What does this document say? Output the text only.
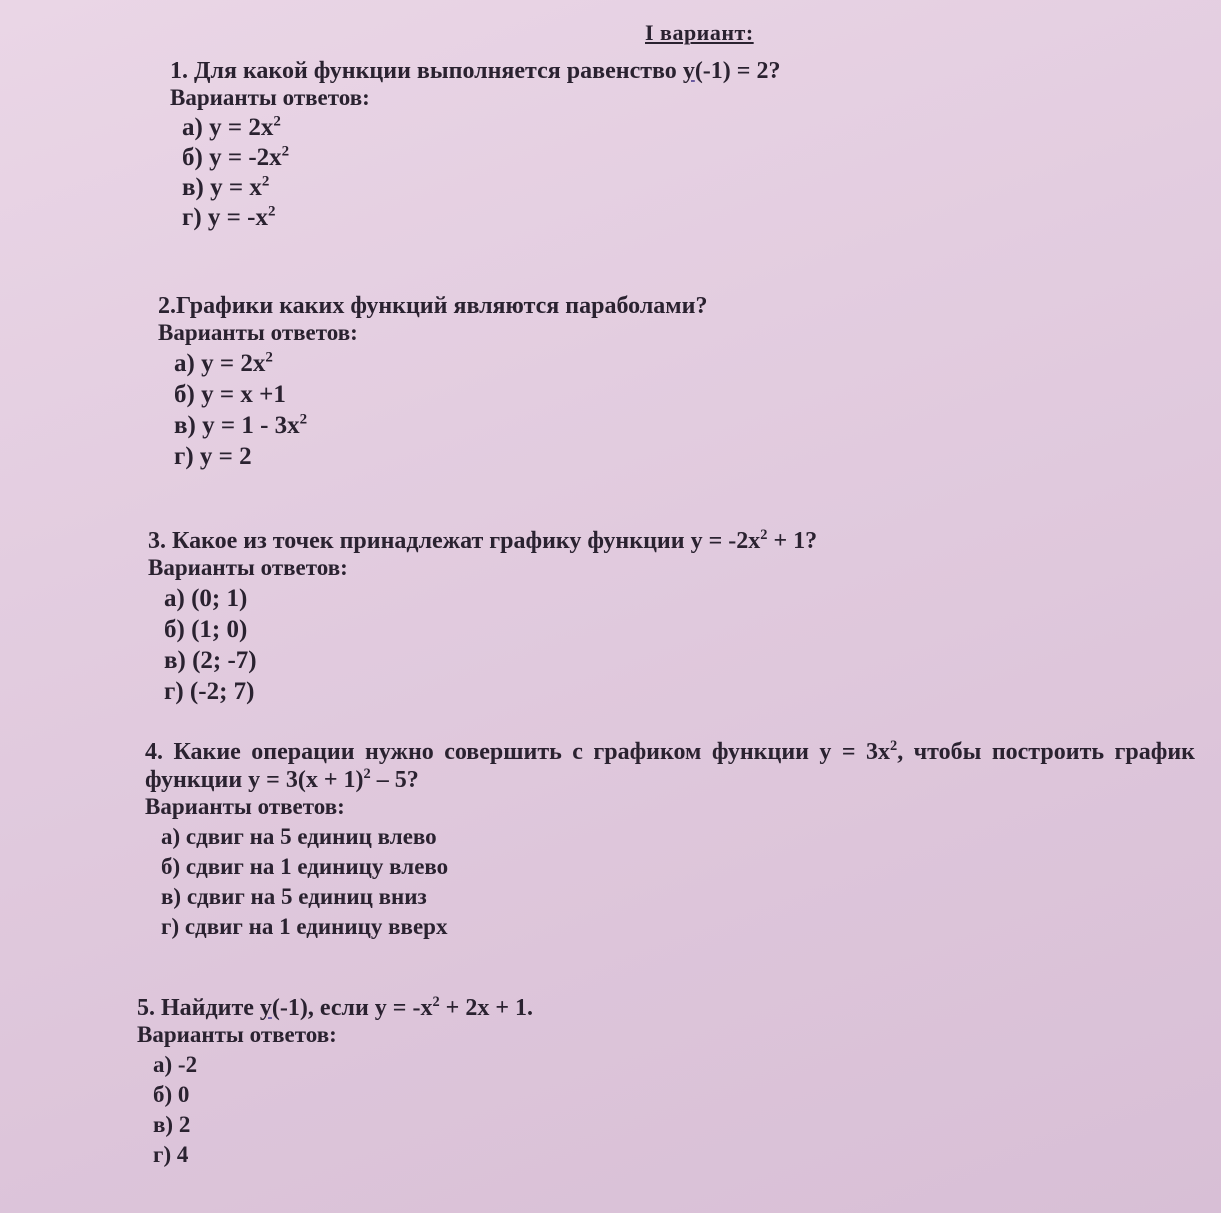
I вариант:
1. Для какой функции выполняется равенство y(-1) = 2?
Варианты ответов:
а) $y = 2x^2$
б) $y = -2x^2$
в) $y = x^2$
г) $y = -x^2$
2.Графики каких функций являются параболами?
Варианты ответов:
а) $y = 2x^2$
б) y = x +1
в) $y = 1 - 3x^2$
г) y = 2
3. Какое из точек принадлежат графику функции $y = -2x^2 + 1$?
Варианты ответов:
а) (0; 1)
б) (1; 0)
в) (2; -7)
г) (-2; 7)
4. Какие операции нужно совершить с графиком функции $y = 3x^2$, чтобы построить график функции $y = 3(x + 1)^2 - 5$?
Варианты ответов:
а) сдвиг на 5 единиц влево
б) сдвиг на 1 единицу влево
в) сдвиг на 5 единиц вниз
г) сдвиг на 1 единицу вверх
5. Найдите y(-1), если $y = -x^2 + 2x + 1$.
Варианты ответов:
а) -2
б) 0
в) 2
г) 4
